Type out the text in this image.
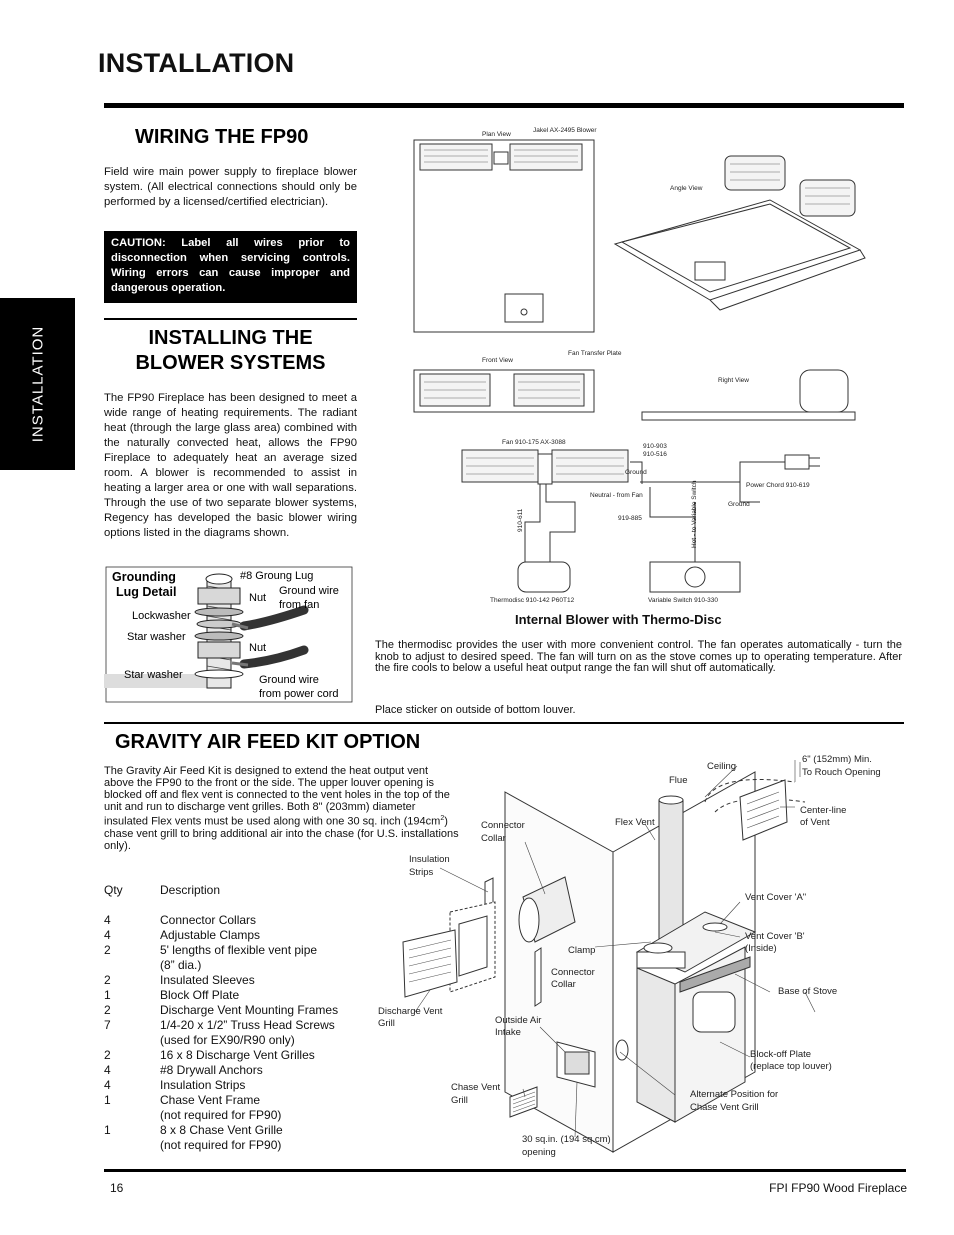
INSTALLATION
INSTALLATION
WIRING THE FP90
Field wire main power supply to fireplace blower system. (All electrical connections should only be performed by a licensed/certified electrician).
CAUTION: Label all wires prior to disconnection when servicing controls. Wiring errors can cause improper and dangerous operation.
INSTALLING THE
BLOWER SYSTEMS
The FP90 Fireplace has been designed to meet a wide range of heating requirements. The radiant heat (through the large glass area) combined with the naturally convected heat, allows the FP90 Fireplace to adequately heat an average sized room. A blower is recommended to assist in heating a larger area or one with wall separations. Through the use of two separate blower systems, Regency has developed the basic blower wiring options listed in the diagrams shown.
Grounding
Lug Detail
#8 Groung Lug
Nut
Ground wire
from fan
Lockwasher
Star washer
Nut
Star washer	Ground wire
from power cord
Plan View
Jakel AX-2495 Blower
Angle View
Fan Transfer Plate
Front View
Right View
Fan 910-175 AX-3088
910-903
910-516
Ground
Power Chord 910-619
Ground
Neutral - from Fan
919-885
910-611	Hot - to Variable Switch
Thermodisc 910-142 P60T12	Variable Switch 910-330
Internal Blower with Thermo-Disc
The thermodisc provides the user with more convenient control. The fan operates automatically - turn the knob to adjust to desired speed. The fan will turn on as the stove comes up to operating temperature. After the fire cools to below a useful heat output range the fan will shut off automatically.
Place sticker on outside of bottom louver.
GRAVITY AIR FEED KIT OPTION
The Gravity Air Feed Kit is designed to extend the heat output vent above the FP90 to the front or the side. The upper louver opening is blocked off and flex vent is connected to the vent holes in the top of the unit and run to discharge vent grilles. Both 8" (203mm) diameter insulated Flex vents must be used along with one 30 sq. inch $(194cm^2)$ chase vent grill to bring additional air into the chase (for U.S. installations only).
Qty	Description
4	Connector Collars
4	Adjustable Clamps
2	5' lengths of flexible vent pipe
(8” dia.)
2	Insulated Sleeves
1	Block Off Plate
2	Discharge Vent Mounting Frames
7	1/4-20 x 1/2” Truss Head Screws
(used for EX90/R90 only)
2	16 x 8 Discharge Vent Grilles
4	#8 Drywall Anchors
4	Insulation Strips
1	Chase Vent Frame
(not required for FP90)
1	8 x 8 Chase Vent Grille
(not required for FP90)
Ceiling
6" (152mm) Min.
To Rouch Opening
Flue
Center-line
of Vent
Connector
Collar
Flex Vent
Insulation
Strips
Vent Cover 'A"
Vent Cover 'B'
(Inside)
Clamp
Connector
Collar
Base of Stove
Discharge Vent
Grill	Outside Air
Intake
Block-off Plate
(replace top louver)
Chase Vent
Grill
Alternate Position for
Chase Vent Grill
30 sq.in. (194 sq.cm)
opening
16	FPI FP90 Wood Fireplace
